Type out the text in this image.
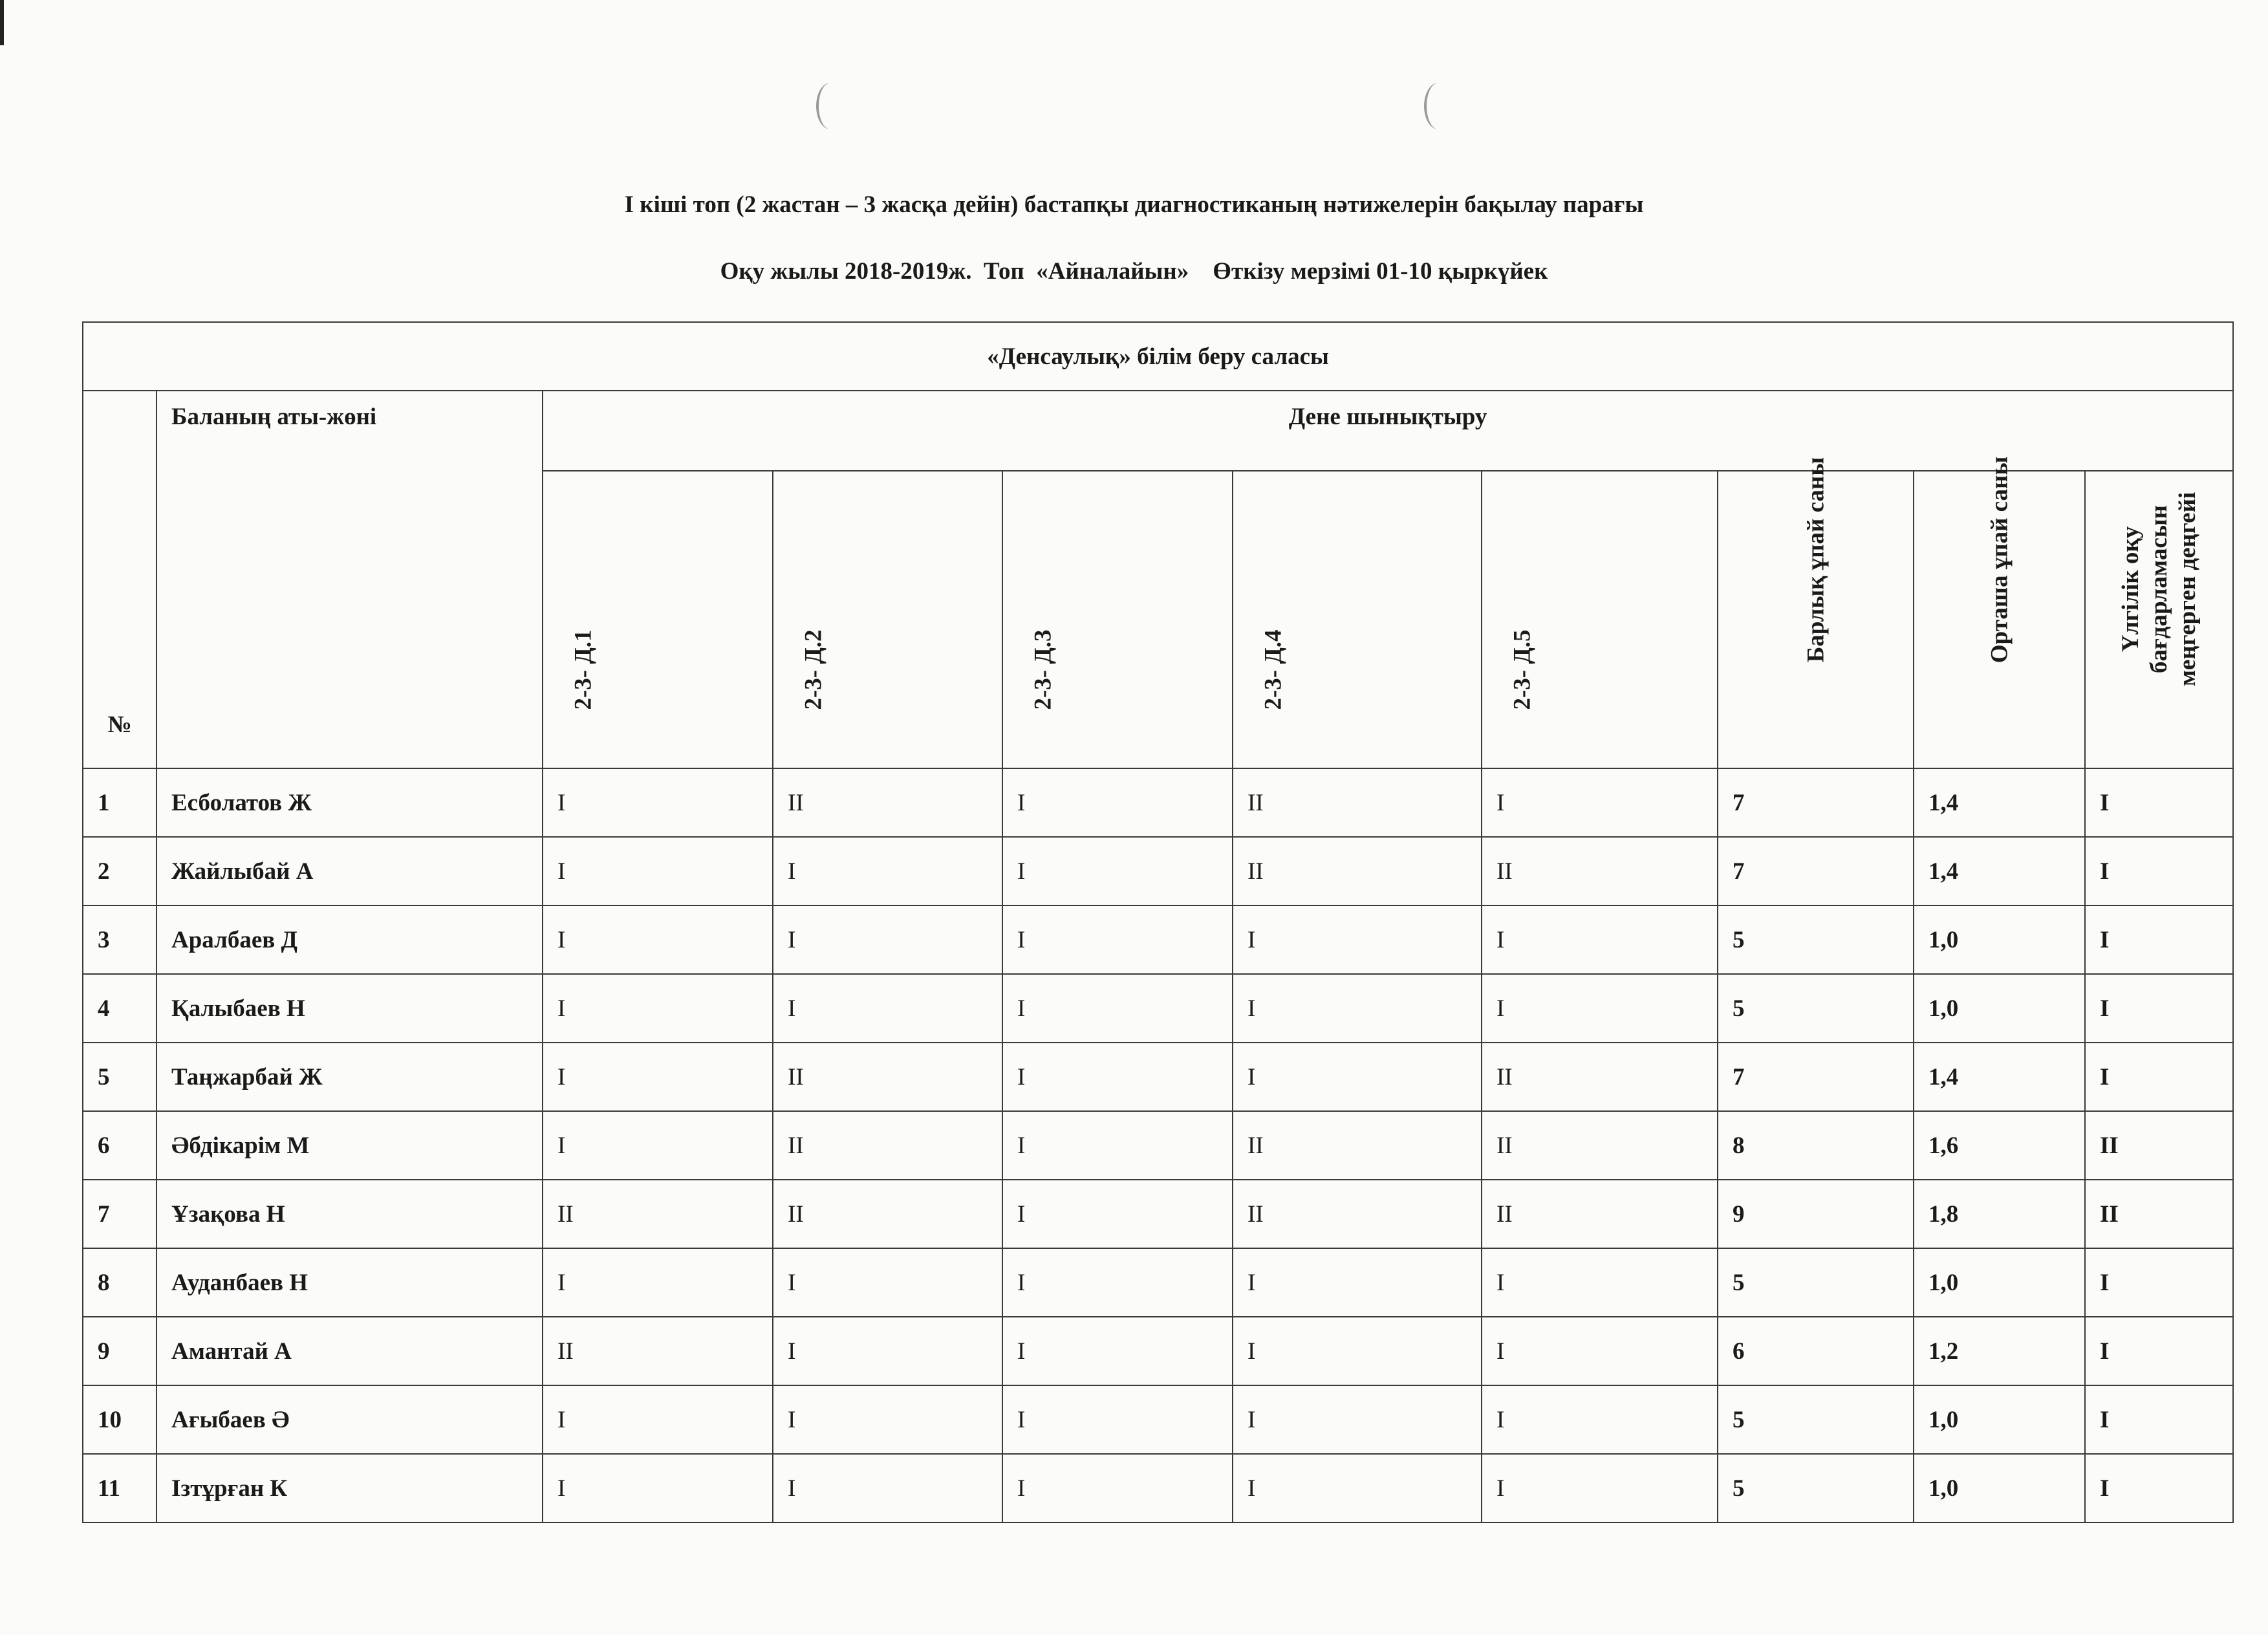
І кіші топ (2 жастан – 3 жасқа дейін) бастапқы диагностиканың нәтижелерін бақылау парағы
Оқу жылы 2018-2019ж.  Топ  «Айналайын»    Өткізу мерзімі 01-10 қыркүйек
«Денсаулық» білім беру саласы									
№	Баланың аты-жөні	Дене шынықтыру							

		2-3- Д.1	2-3- Д.2	2-3- Д.3	2-3- Д.4	2-3- Д.5	Барлық ұпай саны	Орташа ұпай саны	Үлгілік оқу бағдарламасын меңгерген деңгейі

1	Есболатов Ж	I	II	I	II	I	7	1,4	I
2	Жайлыбай А	I	I	I	II	II	7	1,4	I
3	Аралбаев Д	I	I	I	I	I	5	1,0	I
4	Қалыбаев Н	I	I	I	I	I	5	1,0	I
5	Таңжарбай Ж	I	II	I	I	II	7	1,4	I
6	Әбдікарім М	I	II	I	II	II	8	1,6	II
7	Ұзақова Н	II	II	I	II	II	9	1,8	II
8	Ауданбаев Н	I	I	I	I	I	5	1,0	I
9	Амантай А	II	I	I	I	I	6	1,2	I
10	Ағыбаев Ә	I	I	I	I	I	5	1,0	I
11	Ізтұрған К	I	I	I	I	I	5	1,0	I
